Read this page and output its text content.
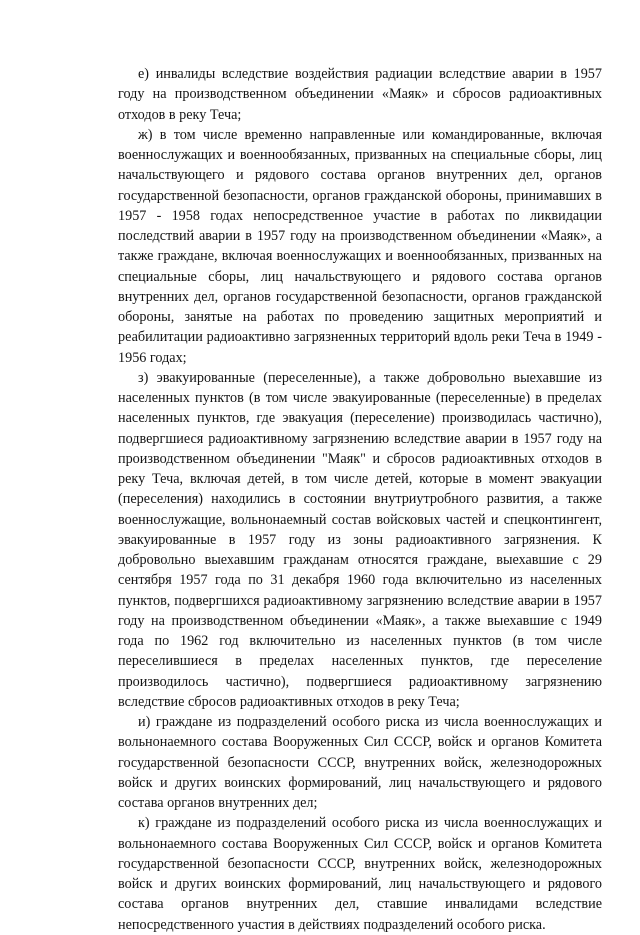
е) инвалиды вследствие воздействия радиации вследствие аварии в 1957 году на производственном объединении «Маяк» и сбросов радиоактивных отходов в реку Теча;

ж) в том числе временно направленные или командированные, включая военнослужащих и военнообязанных, призванных на специальные сборы, лиц начальствующего и рядового состава органов внутренних дел, органов государственной безопасности, органов гражданской обороны, принимавших в 1957 - 1958 годах непосредственное участие в работах по ликвидации последствий аварии в 1957 году на производственном объединении «Маяк», а также граждане, включая военнослужащих и военнообязанных, призванных на специальные сборы, лиц начальствующего и рядового состава органов внутренних дел, органов государственной безопасности, органов гражданской обороны, занятые на работах по проведению защитных мероприятий и реабилитации радиоактивно загрязненных территорий вдоль реки Теча в 1949 - 1956 годах;

з) эвакуированные (переселенные), а также добровольно выехавшие из населенных пунктов (в том числе эвакуированные (переселенные) в пределах населенных пунктов, где эвакуация (переселение) производилась частично), подвергшиеся радиоактивному загрязнению вследствие аварии в 1957 году на производственном объединении "Маяк" и сбросов радиоактивных отходов в реку Теча, включая детей, в том числе детей, которые в момент эвакуации (переселения) находились в состоянии внутриутробного развития, а также военнослужащие, вольнонаемный состав войсковых частей и спецконтингент, эвакуированные в 1957 году из зоны радиоактивного загрязнения. К добровольно выехавшим гражданам относятся граждане, выехавшие с 29 сентября 1957 года по 31 декабря 1960 года включительно из населенных пунктов, подвергшихся радиоактивному загрязнению вследствие аварии в 1957 году на производственном объединении «Маяк», а также выехавшие с 1949 года по 1962 год включительно из населенных пунктов (в том числе переселившиеся в пределах населенных пунктов, где переселение производилось частично), подвергшиеся радиоактивному загрязнению вследствие сбросов радиоактивных отходов в реку Теча;

и) граждане из подразделений особого риска из числа военнослужащих и вольнонаемного состава Вооруженных Сил СССР, войск и органов Комитета государственной безопасности СССР, внутренних войск, железнодорожных войск и других воинских формирований, лиц начальствующего и рядового состава органов внутренних дел;

к) граждане из подразделений особого риска из числа военнослужащих и вольнонаемного состава Вооруженных Сил СССР, войск и органов Комитета государственной безопасности СССР, внутренних войск, железнодорожных войск и других воинских формирований, лиц начальствующего и рядового состава органов внутренних дел, ставшие инвалидами вследствие непосредственного участия в действиях подразделений особого риска.
